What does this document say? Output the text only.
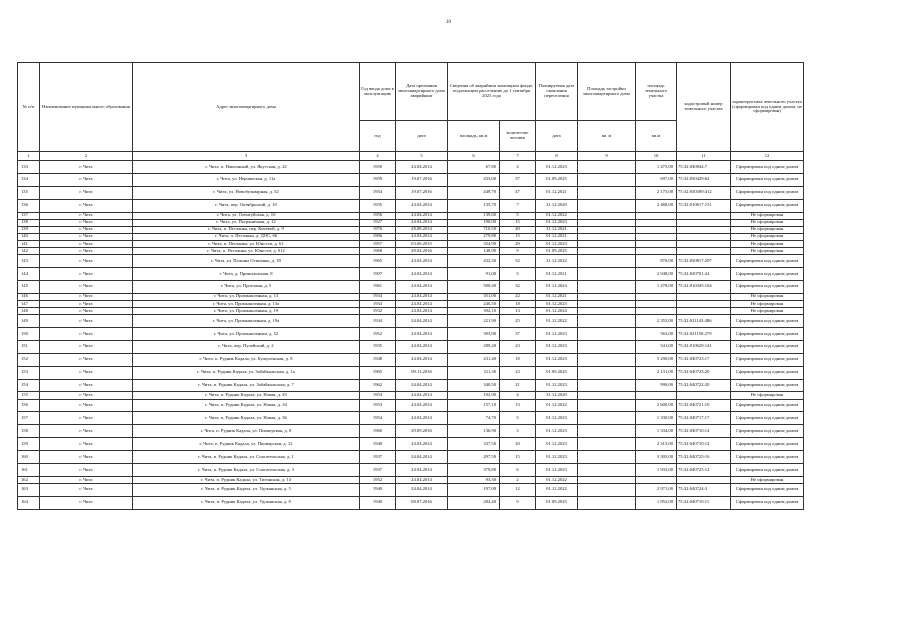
10
№ п/п	Наименование муниципального образования	Адрес многоквартирного дома	Год ввода дома в эксплуатацию	Дата признания многоквартирного дома аварийным	Сведения об аварийном жилищном фонде, подлежащем расселению до 1 сентября 2025 года		Планируемая дата окончания переселения	Площадь застройки многоквартирного дома	площадь земельного участка	кадастровый номер земельного участка	характеристика земельного участка (сформирован под одним домом, не сформирован)
			год	дата	площадь, кв.м	количество человек	дата	кв. м	кв.м		
1	2	3	4	5	6	7	8	9	10	11	12
133	г. Чита	г. Чита, п. Наклонный, ул. Якутская, д. 22	1950	24.04.2014	67,80	2	01.12.2023		1 475,00	75:32:040844:7	Сформирован под одним домом
134	г. Чита	г. Чита, ул. Нерчинская, д. 11а	1959	19.07.2016	433,00	37	01.09.2025		697,00	75:32:030429:62	Сформирован под одним домом
135	г. Чита	г. Чита, ул. Новобульварная, д. 52	1954	19.07.2016	449,70	47	01.12.2021		2 175,00	75:32:030309:412	Сформирован под одним домом
136	г. Чита	г. Чита, пер. Октябрьский, д. 10	1935	24.04.2014	135,70	7	31.12.2020		2 468,00	75:32:010617:151	Сформирован под одним домом
137	г. Чита	г. Чита, ул. Оленгуйская, д. 10	1956	24.04.2014	139,60	5	01.12.2022				Не сформирован
138	г. Чита	г. Чита, ул. Пограничная, д. 12	1927	24.04.2014	190,00	15	01.12.2023				Не сформирован
139	г. Чита	г. Чита, п. Песчанка, пер. Кочевой, д. 9	1976	28.08.2014	710,50	40	31.12.2021				Не сформирован
140	г. Чита	г. Чита, п. Песчанка, д. ДОС, 66	1906	24.04.2014	279,80	15	01.12.2021				Не сформирован
141	г. Чита	г. Чита, п. Песчанка, ул. Юности, д. 61	1957	03.06.2015	354,90	29	01.12.2023				Не сформирован
142	г. Чита	г. Чита, п. Песчанка, ул. Юности, д. 012	1968	28.04.2016	148,90	9	01.09.2025				Не сформирован
143	г. Чита	г. Чита, ул. Полины Осипенко, д. 39	1965	24.04.2014	432,30	52	31.12.2022		876,00	75:32:030817:207	Сформирован под одним домом
144	г. Чита	г. Чита, д. Прииснольная, 8	1907	24.04.2014	91,00	5	01.12.2021		2 948,00	75:32:020701:24	Сформирован под одним домом
145	г. Чита	г. Чита, ул. Проезжая, д. 5	1961	24.04.2014	500,40	32	01.12.2024		1 478,00	75:32:010345:164	Сформирован под одним домом
146	г. Чита	г. Чита, ул. Промышленная, д. 13	1934	24.04.2014	351,00	22	01.12.2021				Не сформирован
147	г. Чита	г. Чита, ул. Промышленная, д. 13а	1934	24.04.2014	240,50	18	01.12.2023				Не сформирован
148	г. Чита	г. Чита, ул. Промышленная, д. 19	1932	24.04.2014	392,10	13	01.12.2024				Не сформирован
149	г. Чита	г. Чита, ул. Промышленная, д. 19а	1934	24.04.2014	221,90	25	01.12.2022		2 353,00	75:32:021143:486	Сформирован под одним домом
150	г. Чита	г. Чита, ул. Промышленная, д. 52	1952	24.04.2014	393,90	37	01.12.2023		563,00	75:32:021150:279	Сформирован под одним домом
151	г. Чита	г. Чита, пер. Пулейский, д. 2	1935	24.04.2014	289,20	23	01.12.2023		541,00	75:32:010629:141	Сформирован под одним домом
152	г. Чита	г. Чита, п. Рудник Кадала, ул. Бушуленская, д. 8	1948	24.04.2014	231,40	18	01.12.2023		5 290,00	75:32:040723:17	Сформирован под одним домом
153	г. Чита	г. Чита, п. Рудник Кадала, ул. Забайкальская, д. 1а	1965	09.11.2016	311,30	23	01.09.2025		2 131,00	75:32:040723:20	Сформирован под одним домом
154	г. Чита	г. Чита, п. Рудник Кадала, ул. Забайкальская, д. 7	1962	24.04.2014	340,50	21	01.12.2023		990,00	75:32:040722:20	Сформирован под одним домом
155	г. Чита	г. Чита, п. Рудник Кадала, ул. Новая, д. 25	1954	24.04.2014	102,90	4	31.12.2020				Не сформирован
156	г. Чита	г. Чита, п. Рудник Кадала, ул. Новая, д. 34	1953	24.04.2014	157,10	13	01.12.2022		2 600,00	75:32:040721:10	Сформирован под одним домом
157	г. Чита	г. Чита, п. Рудник Кадала, ул. Новая, д. 36	1954	24.04.2014	74,70	5	01.12.2023		1 330,00	75:32:040717:17	Сформирован под одним домом
158	г. Чита	г. Чита, п. Рудник Кадала, ул. Пионерская, д. 8	1960	29.09.2016	136,90	3	01.12.2023		1 334,00	75:32:040710:14	Сформирован под одним домом
159	г. Чита	г. Чита, п. Рудник Кадала, ул. Пионерская, д. 12	1940	24.04.2014	337,50	20	01.12.2023		2 315,00	75:32:040710:12	Сформирован под одним домом
160	г. Чита	г. Чита, п. Рудник Кадала, ул. Спасательская, д. 1	1937	24.04.2014	297,50	15	01.12.2023		3 305,00	75:32:040725:16	Сформирован под одним домом
161	г. Чита	г. Чита, п. Рудник Кадала, ул. Спасательская, д. 3	1937	24.04.2014	379,80	6	01.12.2023		1 933,00	75:32:040725:12	Сформирован под одним домом
162	г. Чита	г. Чита, п. Рудник Кадала, ул. Тигинская, д. 13	1952	24.04.2014	93,30	2	01.12.2022				Не сформирован
163	г. Чита	г. Чита, п. Рудник Кадала, ул. Удоканская, д. 5	1940	24.04.2014	197,00	12	01.12.2022		2 971,00	75:32:040724:3	Сформирован под одним домом
164	г. Чита	г. Чита, п. Рудник Кадала, ул. Удоканская, д. 8	1940	08.07.2016	282,40	9	01.09.2025		1 852,00	75:32:040710:11	Сформирован под одним домом
